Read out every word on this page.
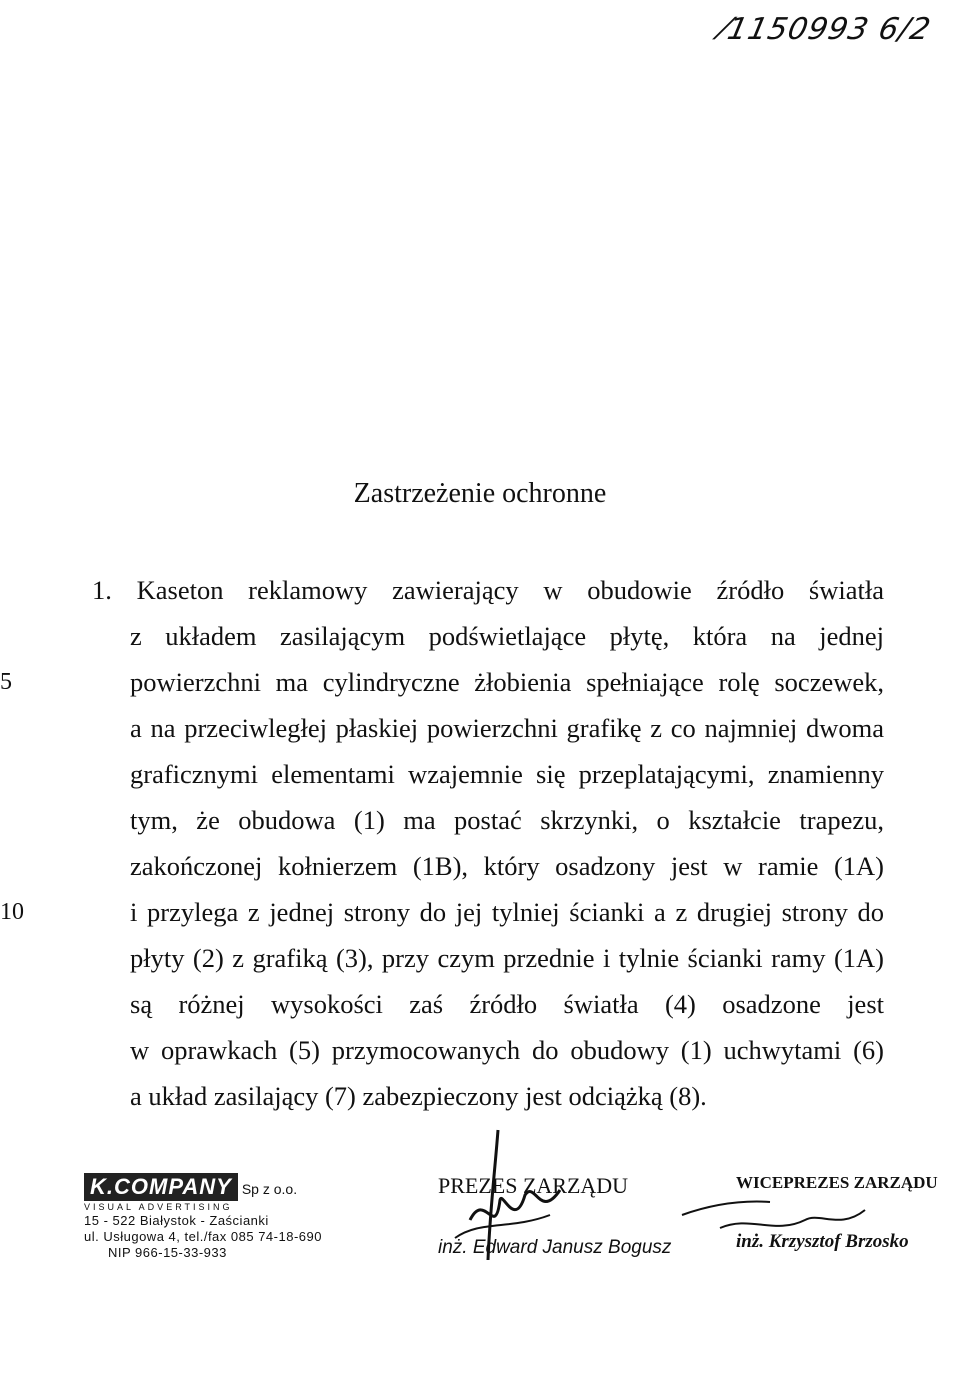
⁄1150993 6/2
Zastrzeżenie ochronne
1. Kaseton reklamowy zawierający w obudowie źródło światła
z układem zasilającym podświetlające płytę, która na jednej
5	powierzchni ma cylindryczne żłobienia spełniające rolę soczewek,
a na przeciwległej płaskiej powierzchni grafikę z co najmniej dwoma
graficznymi elementami wzajemnie się przeplatającymi, znamienny
tym, że obudowa (1) ma postać skrzynki, o kształcie trapezu,
zakończonej kołnierzem (1B), który osadzony jest w ramie (1A)
10	i przylega z jednej strony do jej tylniej ścianki a z drugiej strony do
płyty (2) z grafiką (3), przy czym przednie i tylnie ścianki ramy (1A)
są różnej wysokości zaś źródło światła (4) osadzone jest
w oprawkach (5) przymocowanych do obudowy (1) uchwytami (6)
a układ zasilający (7) zabezpieczony jest odciążką (8).
K.COMPANY Sp z o.o.
VISUAL ADVERTISING
15 - 522 Białystok - Zaścianki
ul. Usługowa 4, tel./fax 085 74-18-690
NIP 966-15-33-933
PREZES ZARZĄDU
inż. Edward Janusz Bogusz
WICEPREZES ZARZĄDU
inż. Krzysztof Brzosko
